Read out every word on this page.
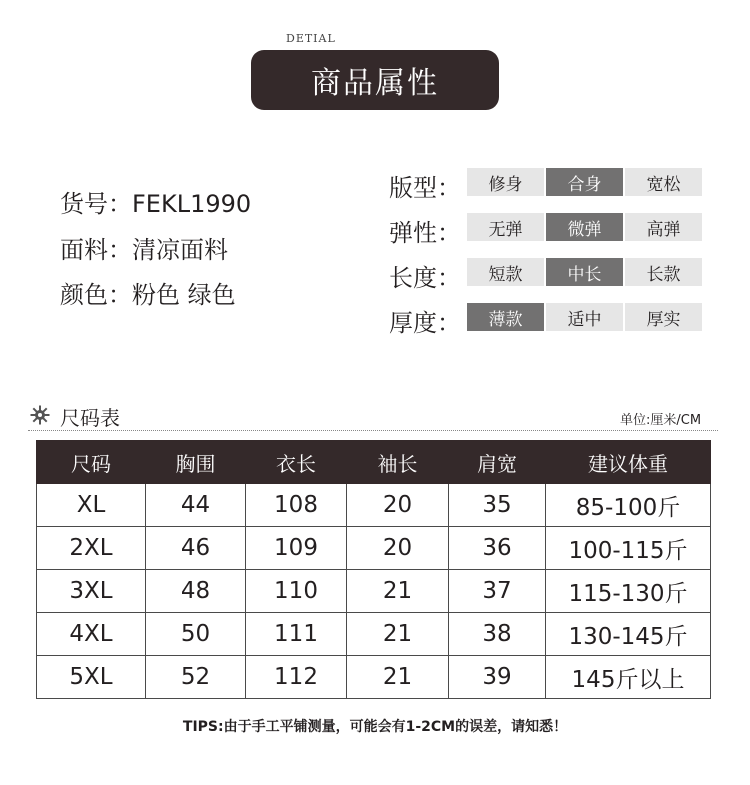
DETIAL
商品属性
货号：FEKL1990
面料：清凉面料
颜色：粉色 绿色
版型：	修身	合身	宽松
弹性：	无弹	微弹	高弹
长度：	短款	中长	长款
厚度：	薄款	适中	厚实
尺码表	单位:厘米/CM
尺码	胸围	衣长	袖长	肩宽	建议体重
XL	44	108	20	35	85-100斤
2XL	46	109	20	36	100-115斤
3XL	48	110	21	37	115-130斤
4XL	50	111	21	38	130-145斤
5XL	52	112	21	39	145斤以上
TIPS:由于手工平铺测量，可能会有1-2CM的误差，请知悉！
